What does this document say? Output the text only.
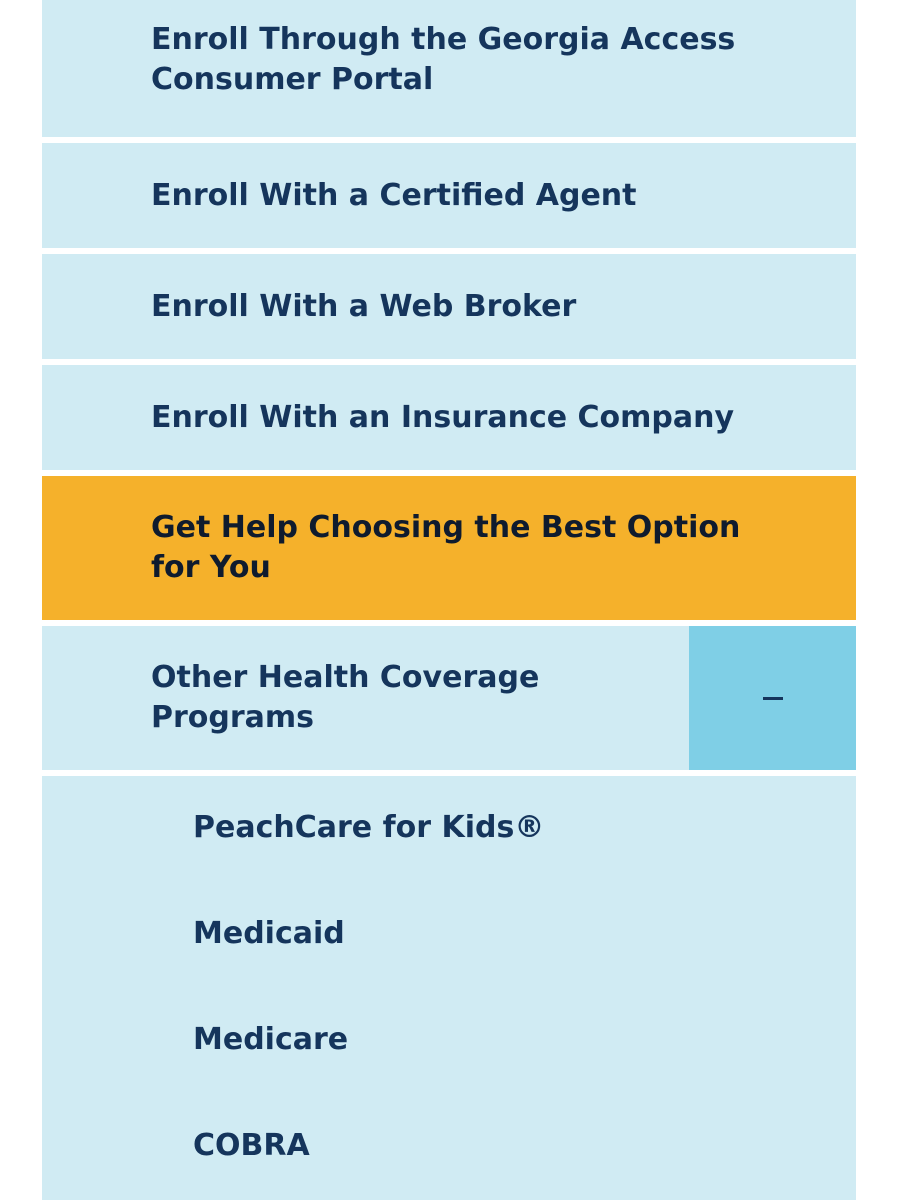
Enroll Through the Georgia Access Consumer Portal
Enroll With a Certified Agent
Enroll With a Web Broker
Enroll With an Insurance Company
Get Help Choosing the Best Option for You
Other Health Coverage Programs
PeachCare for Kids®
Medicaid
Medicare
COBRA
